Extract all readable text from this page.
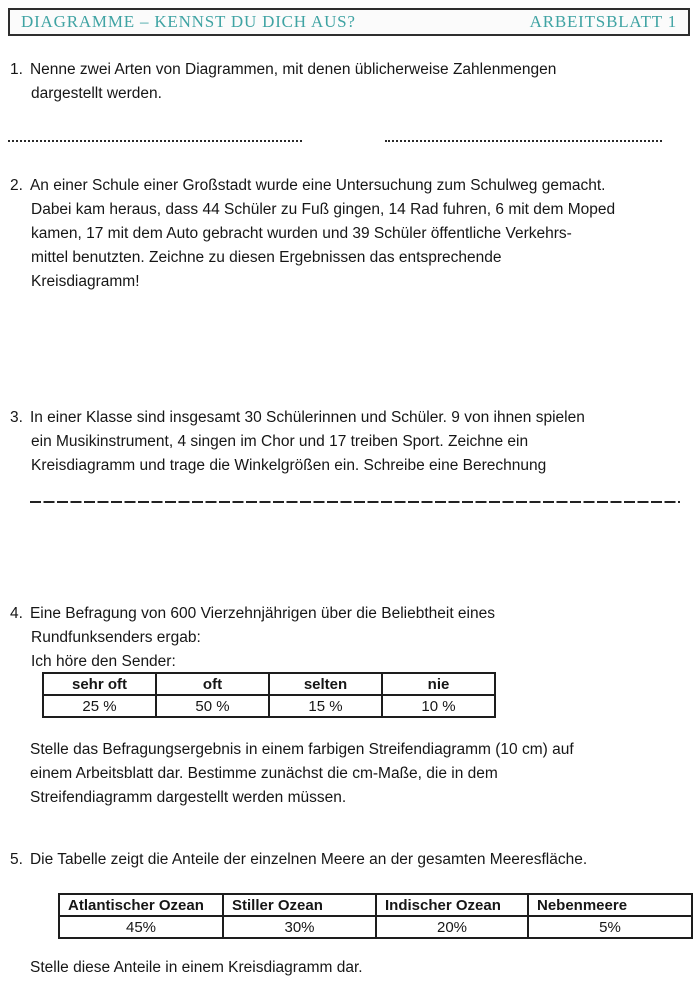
DIAGRAMME – KENNST DU DICH AUS?	ARBEITSBLATT 1
1. Nenne zwei Arten von Diagrammen, mit denen üblicherweise Zahlenmengen
dargestellt werden.
2. An einer Schule einer Großstadt wurde eine Untersuchung zum Schulweg gemacht.
Dabei kam heraus, dass 44 Schüler zu Fuß gingen, 14 Rad fuhren, 6 mit dem Moped
kamen, 17 mit dem Auto gebracht wurden und 39 Schüler öffentliche Verkehrs-
mittel benutzten. Zeichne zu diesen Ergebnissen das entsprechende
Kreisdiagramm!
3. In einer Klasse sind insgesamt 30 Schülerinnen und Schüler. 9 von ihnen spielen
ein Musikinstrument, 4 singen im Chor und 17 treiben Sport. Zeichne ein
Kreisdiagramm und trage die Winkelgrößen ein. Schreibe eine Berechnung
4. Eine Befragung von 600 Vierzehnjährigen über die Beliebtheit eines
Rundfunksenders ergab:
Ich höre den Sender:
sehr oft	oft	selten	nie
25 %	50 %	15 %	10 %
Stelle das Befragungsergebnis in einem farbigen Streifendiagramm (10 cm) auf
einem Arbeitsblatt dar. Bestimme zunächst die cm-Maße, die in dem
Streifendiagramm dargestellt werden müssen.
5. Die Tabelle zeigt die Anteile der einzelnen Meere an der gesamten Meeresfläche.
Atlantischer Ozean	Stiller Ozean	Indischer Ozean	Nebenmeere
45%	30%	20%	5%
Stelle diese Anteile in einem Kreisdiagramm dar.
